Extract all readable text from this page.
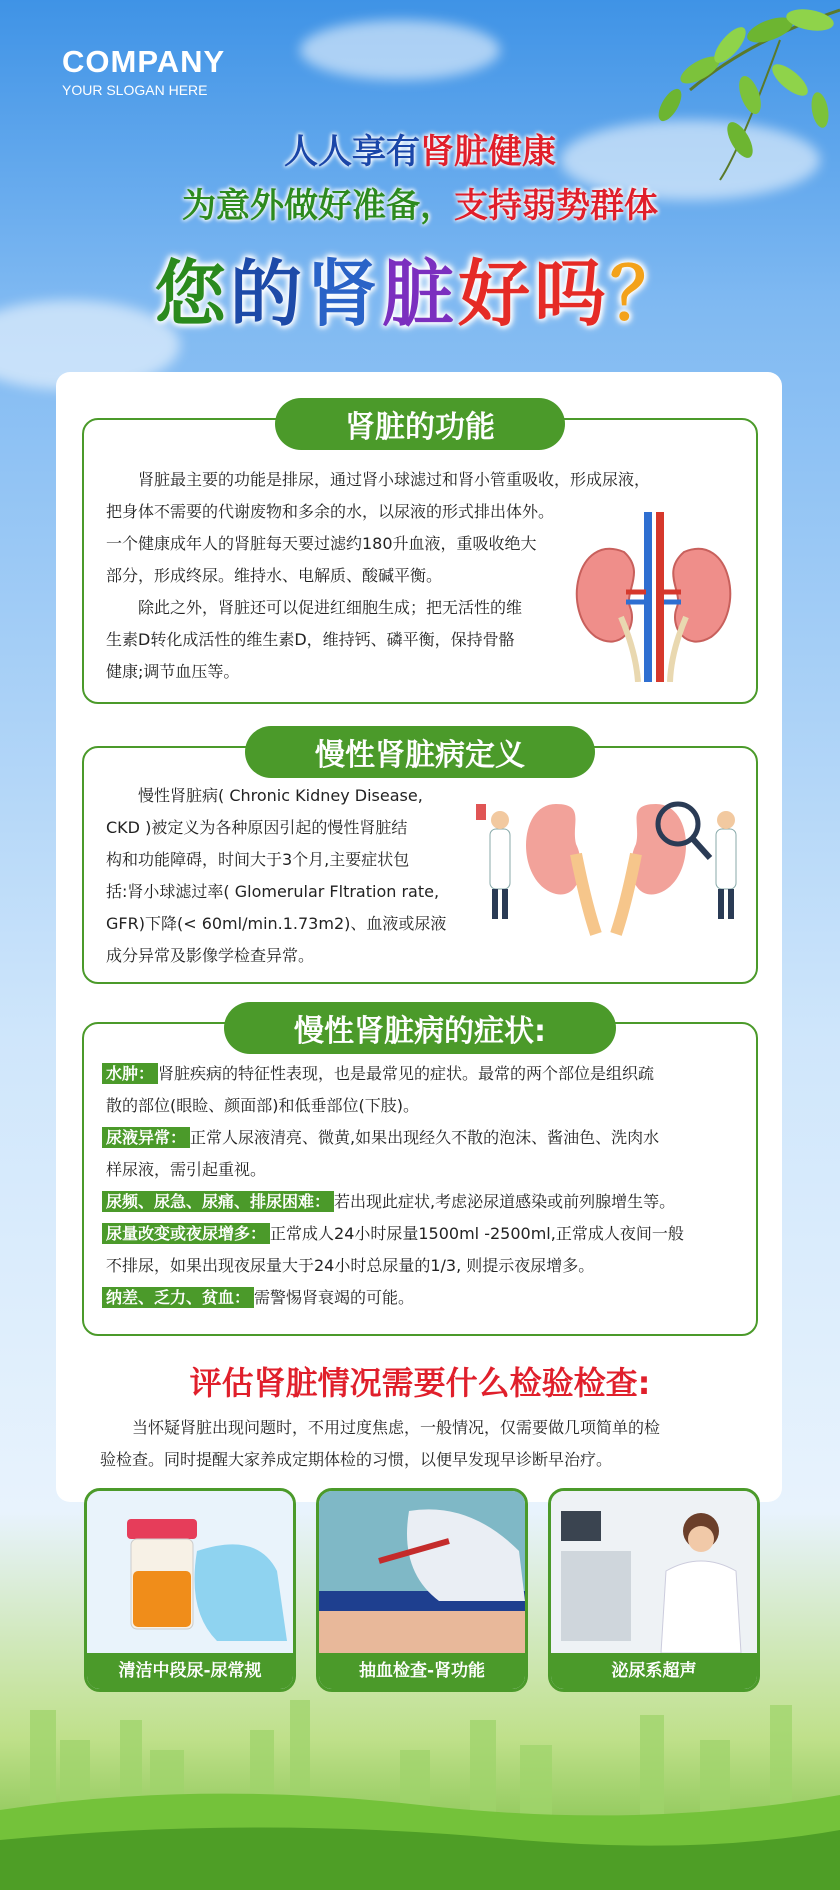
COMPANY
YOUR SLOGAN HERE
人人享有肾脏健康
为意外做好准备，支持弱势群体
您的肾脏好吗？
肾脏的功能
　　肾脏最主要的功能是排尿，通过肾小球滤过和肾小管重吸收，形成尿液，
把身体不需要的代谢废物和多余的水，以尿液的形式排出体外。
一个健康成年人的肾脏每天要过滤约180升血液，重吸收绝大
部分，形成终尿。维持水、电解质、酸碱平衡。
　　除此之外，肾脏还可以促进红细胞生成；把无活性的维
生素D转化成活性的维生素D，维持钙、磷平衡，保持骨骼
健康;调节血压等。
慢性肾脏病定义
　　慢性肾脏病( Chronic Kidney Disease,
CKD )被定义为各种原因引起的慢性肾脏结
构和功能障碍，时间大于3个月,主要症状包
括:肾小球滤过率( Glomerular Fltration rate,
GFR)下降(< 60ml/min.1.73m2)、血液或尿液
成分异常及影像学检查异常。
慢性肾脏病的症状:
水肿： 肾脏疾病的特征性表现，也是最常见的症状。最常的两个部位是组织疏
散的部位(眼睑、颜面部)和低垂部位(下肢)。
尿液异常： 正常人尿液清亮、微黄,如果出现经久不散的泡沫、酱油色、洗肉水
样尿液，需引起重视。
尿频、尿急、尿痛、排尿困难： 若出现此症状,考虑泌尿道感染或前列腺增生等。
尿量改变或夜尿增多： 正常成人24小时尿量1500ml -2500ml,正常成人夜间一般
不排尿，如果出现夜尿量大于24小时总尿量的1/3, 则提示夜尿增多。
纳差、乏力、贫血： 需警惕肾衰竭的可能。
评估肾脏情况需要什么检验检查:
　　当怀疑肾脏出现问题时，不用过度焦虑，一般情况，仅需要做几项简单的检
验检查。同时提醒大家养成定期体检的习惯，以便早发现早诊断早治疗。
清洁中段尿-尿常规	抽血检查-肾功能	泌尿系超声
